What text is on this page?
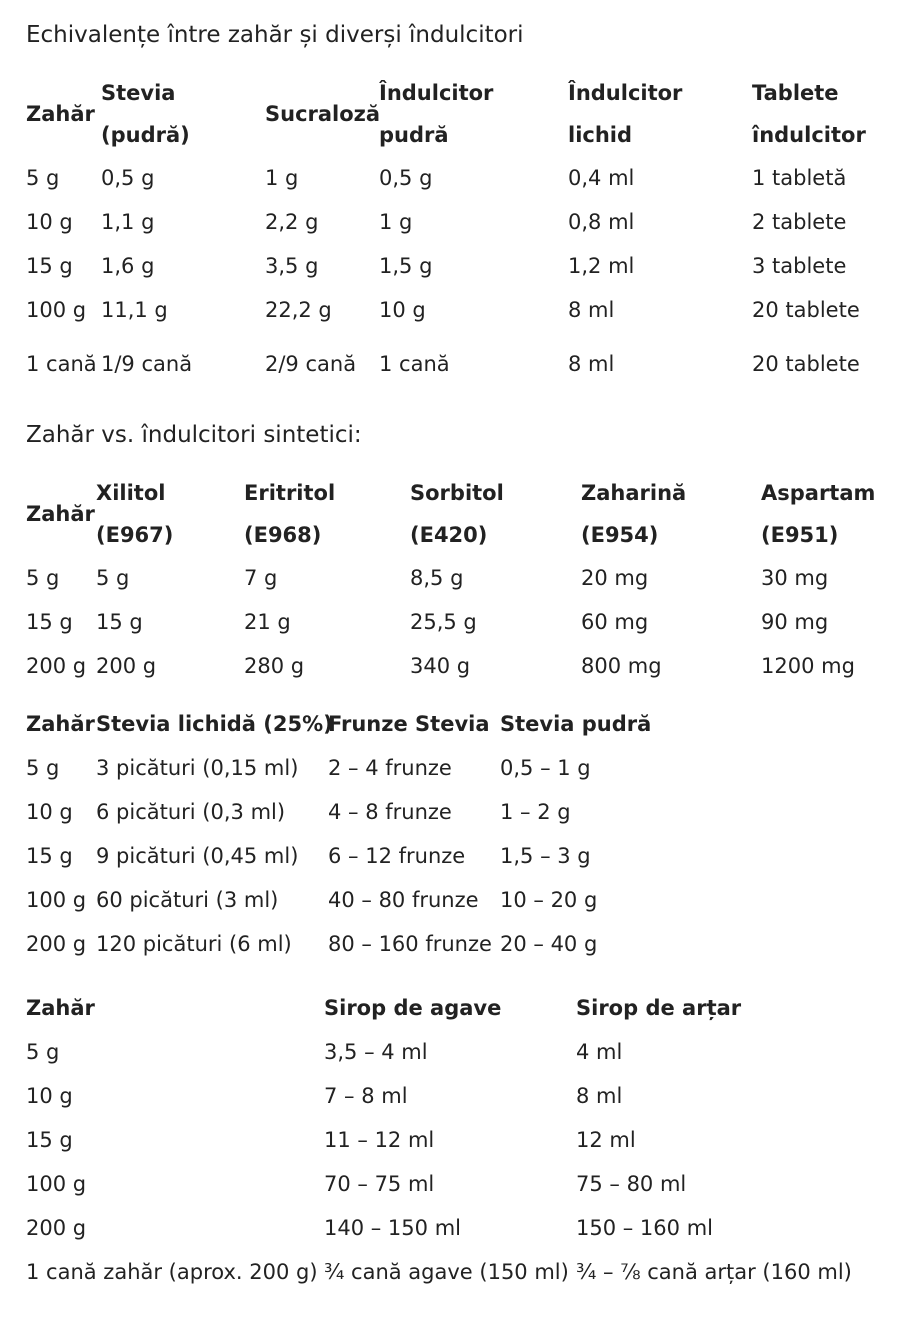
Echivalențe între zahăr și diverși îndulcitori
Zahăr	Stevia (pudră)	Sucraloză	Îndulcitor pudră	Îndulcitor lichid	Tablete îndulcitor
5 g	0,5 g	1 g	0,5 g	0,4 ml	1 tabletă
10 g	1,1 g	2,2 g	1 g	0,8 ml	2 tablete
15 g	1,6 g	3,5 g	1,5 g	1,2 ml	3 tablete
100 g	11,1 g	22,2 g	10 g	8 ml	20 tablete
1 cană	1/9 cană	2/9 cană	1 cană	8 ml	20 tablete
Zahăr vs. îndulcitori sintetici:
Zahăr	Xilitol (E967)	Eritritol (E968)	Sorbitol (E420)	Zaharină (E954)	Aspartam (E951)
5 g	5 g	7 g	8,5 g	20 mg	30 mg
15 g	15 g	21 g	25,5 g	60 mg	90 mg
200 g	200 g	280 g	340 g	800 mg	1200 mg
Zahăr	Stevia lichidă (25%)	Frunze Stevia	Stevia pudră
5 g	3 picături (0,15 ml)	2 – 4 frunze	0,5 – 1 g
10 g	6 picături (0,3 ml)	4 – 8 frunze	1 – 2 g
15 g	9 picături (0,45 ml)	6 – 12 frunze	1,5 – 3 g
100 g	60 picături (3 ml)	40 – 80 frunze	10 – 20 g
200 g	120 picături (6 ml)	80 – 160 frunze	20 – 40 g
Zahăr	Sirop de agave	Sirop de arțar
5 g	3,5 – 4 ml	4 ml
10 g	7 – 8 ml	8 ml
15 g	11 – 12 ml	12 ml
100 g	70 – 75 ml	75 – 80 ml
200 g	140 – 150 ml	150 – 160 ml
1 cană zahăr (aprox. 200 g)	¾ cană agave (150 ml)	¾ – ⅞ cană arțar (160 ml)
